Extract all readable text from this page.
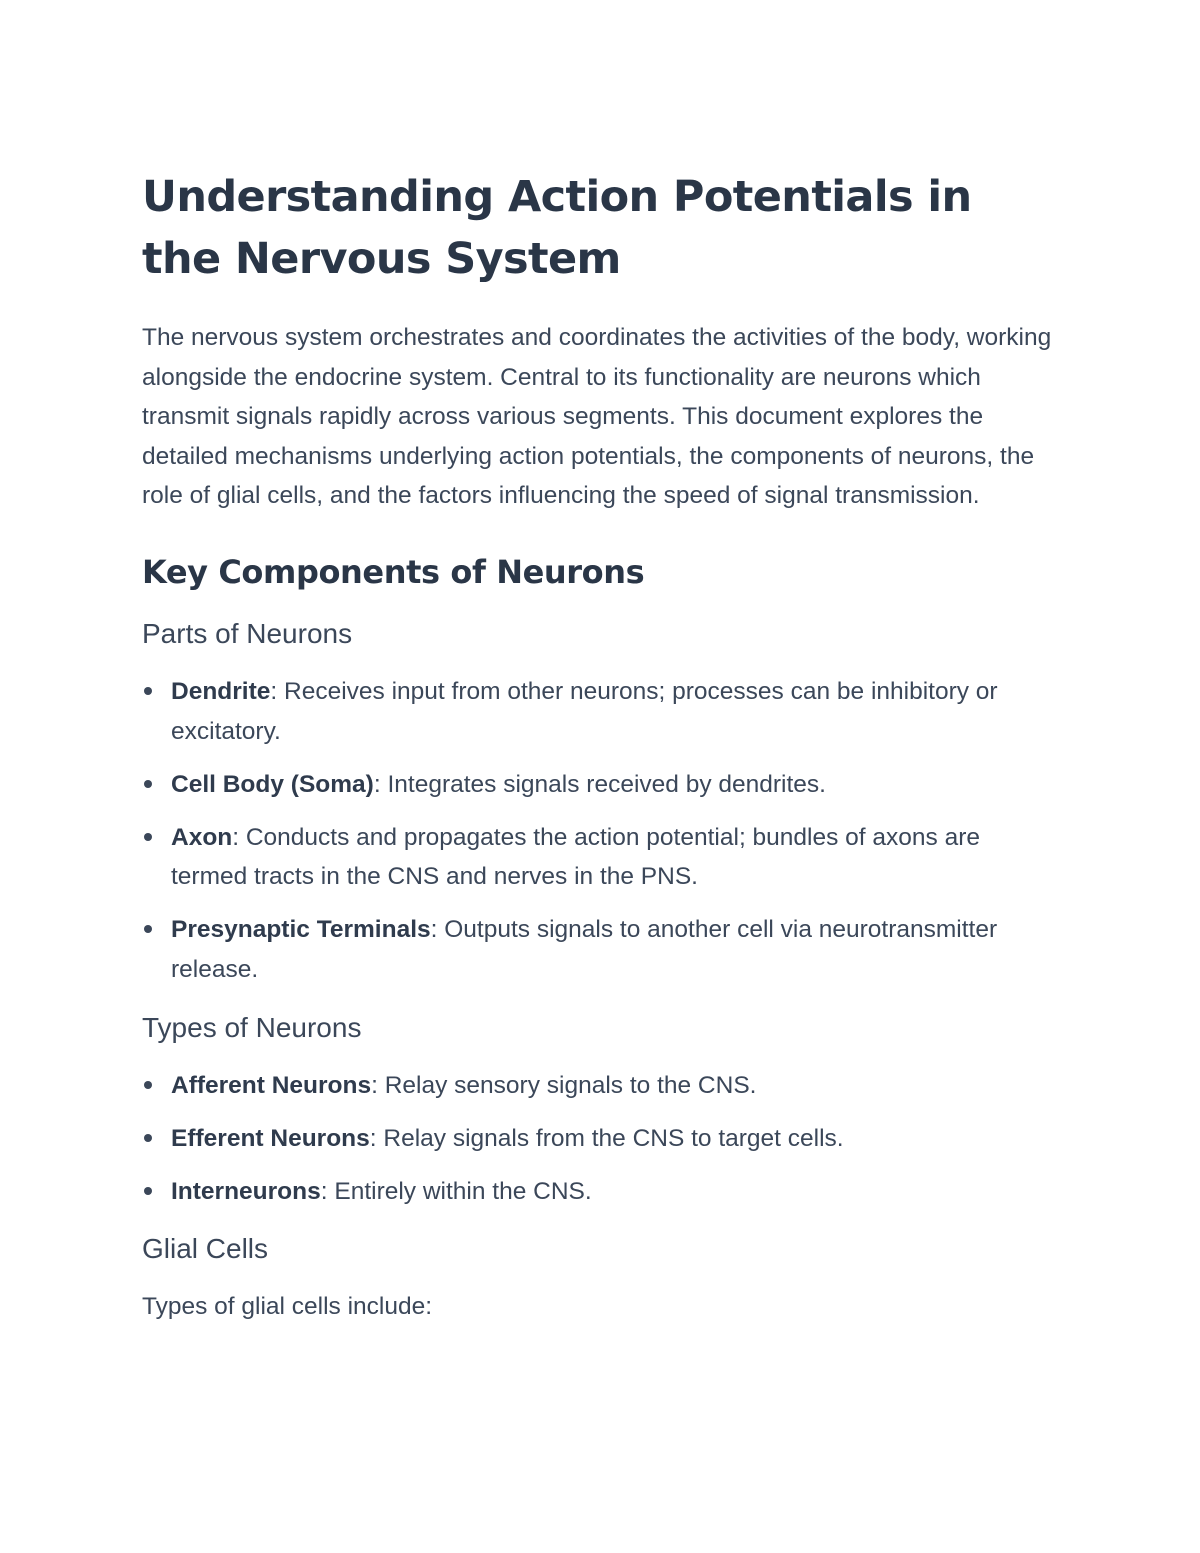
Understanding Action Potentials in the Nervous System

The nervous system orchestrates and coordinates the activities of the body, working alongside the endocrine system. Central to its functionality are neurons which transmit signals rapidly across various segments. This document explores the detailed mechanisms underlying action potentials, the components of neurons, the role of glial cells, and the factors influencing the speed of signal transmission.

Key Components of Neurons
Parts of Neurons
Dendrite: Receives input from other neurons; processes can be inhibitory or excitatory.
Cell Body (Soma): Integrates signals received by dendrites.
Axon: Conducts and propagates the action potential; bundles of axons are termed tracts in the CNS and nerves in the PNS.
Presynaptic Terminals: Outputs signals to another cell via neurotransmitter release.
Types of Neurons
Afferent Neurons: Relay sensory signals to the CNS.
Efferent Neurons: Relay signals from the CNS to target cells.
Interneurons: Entirely within the CNS.
Glial Cells

Types of glial cells include:
